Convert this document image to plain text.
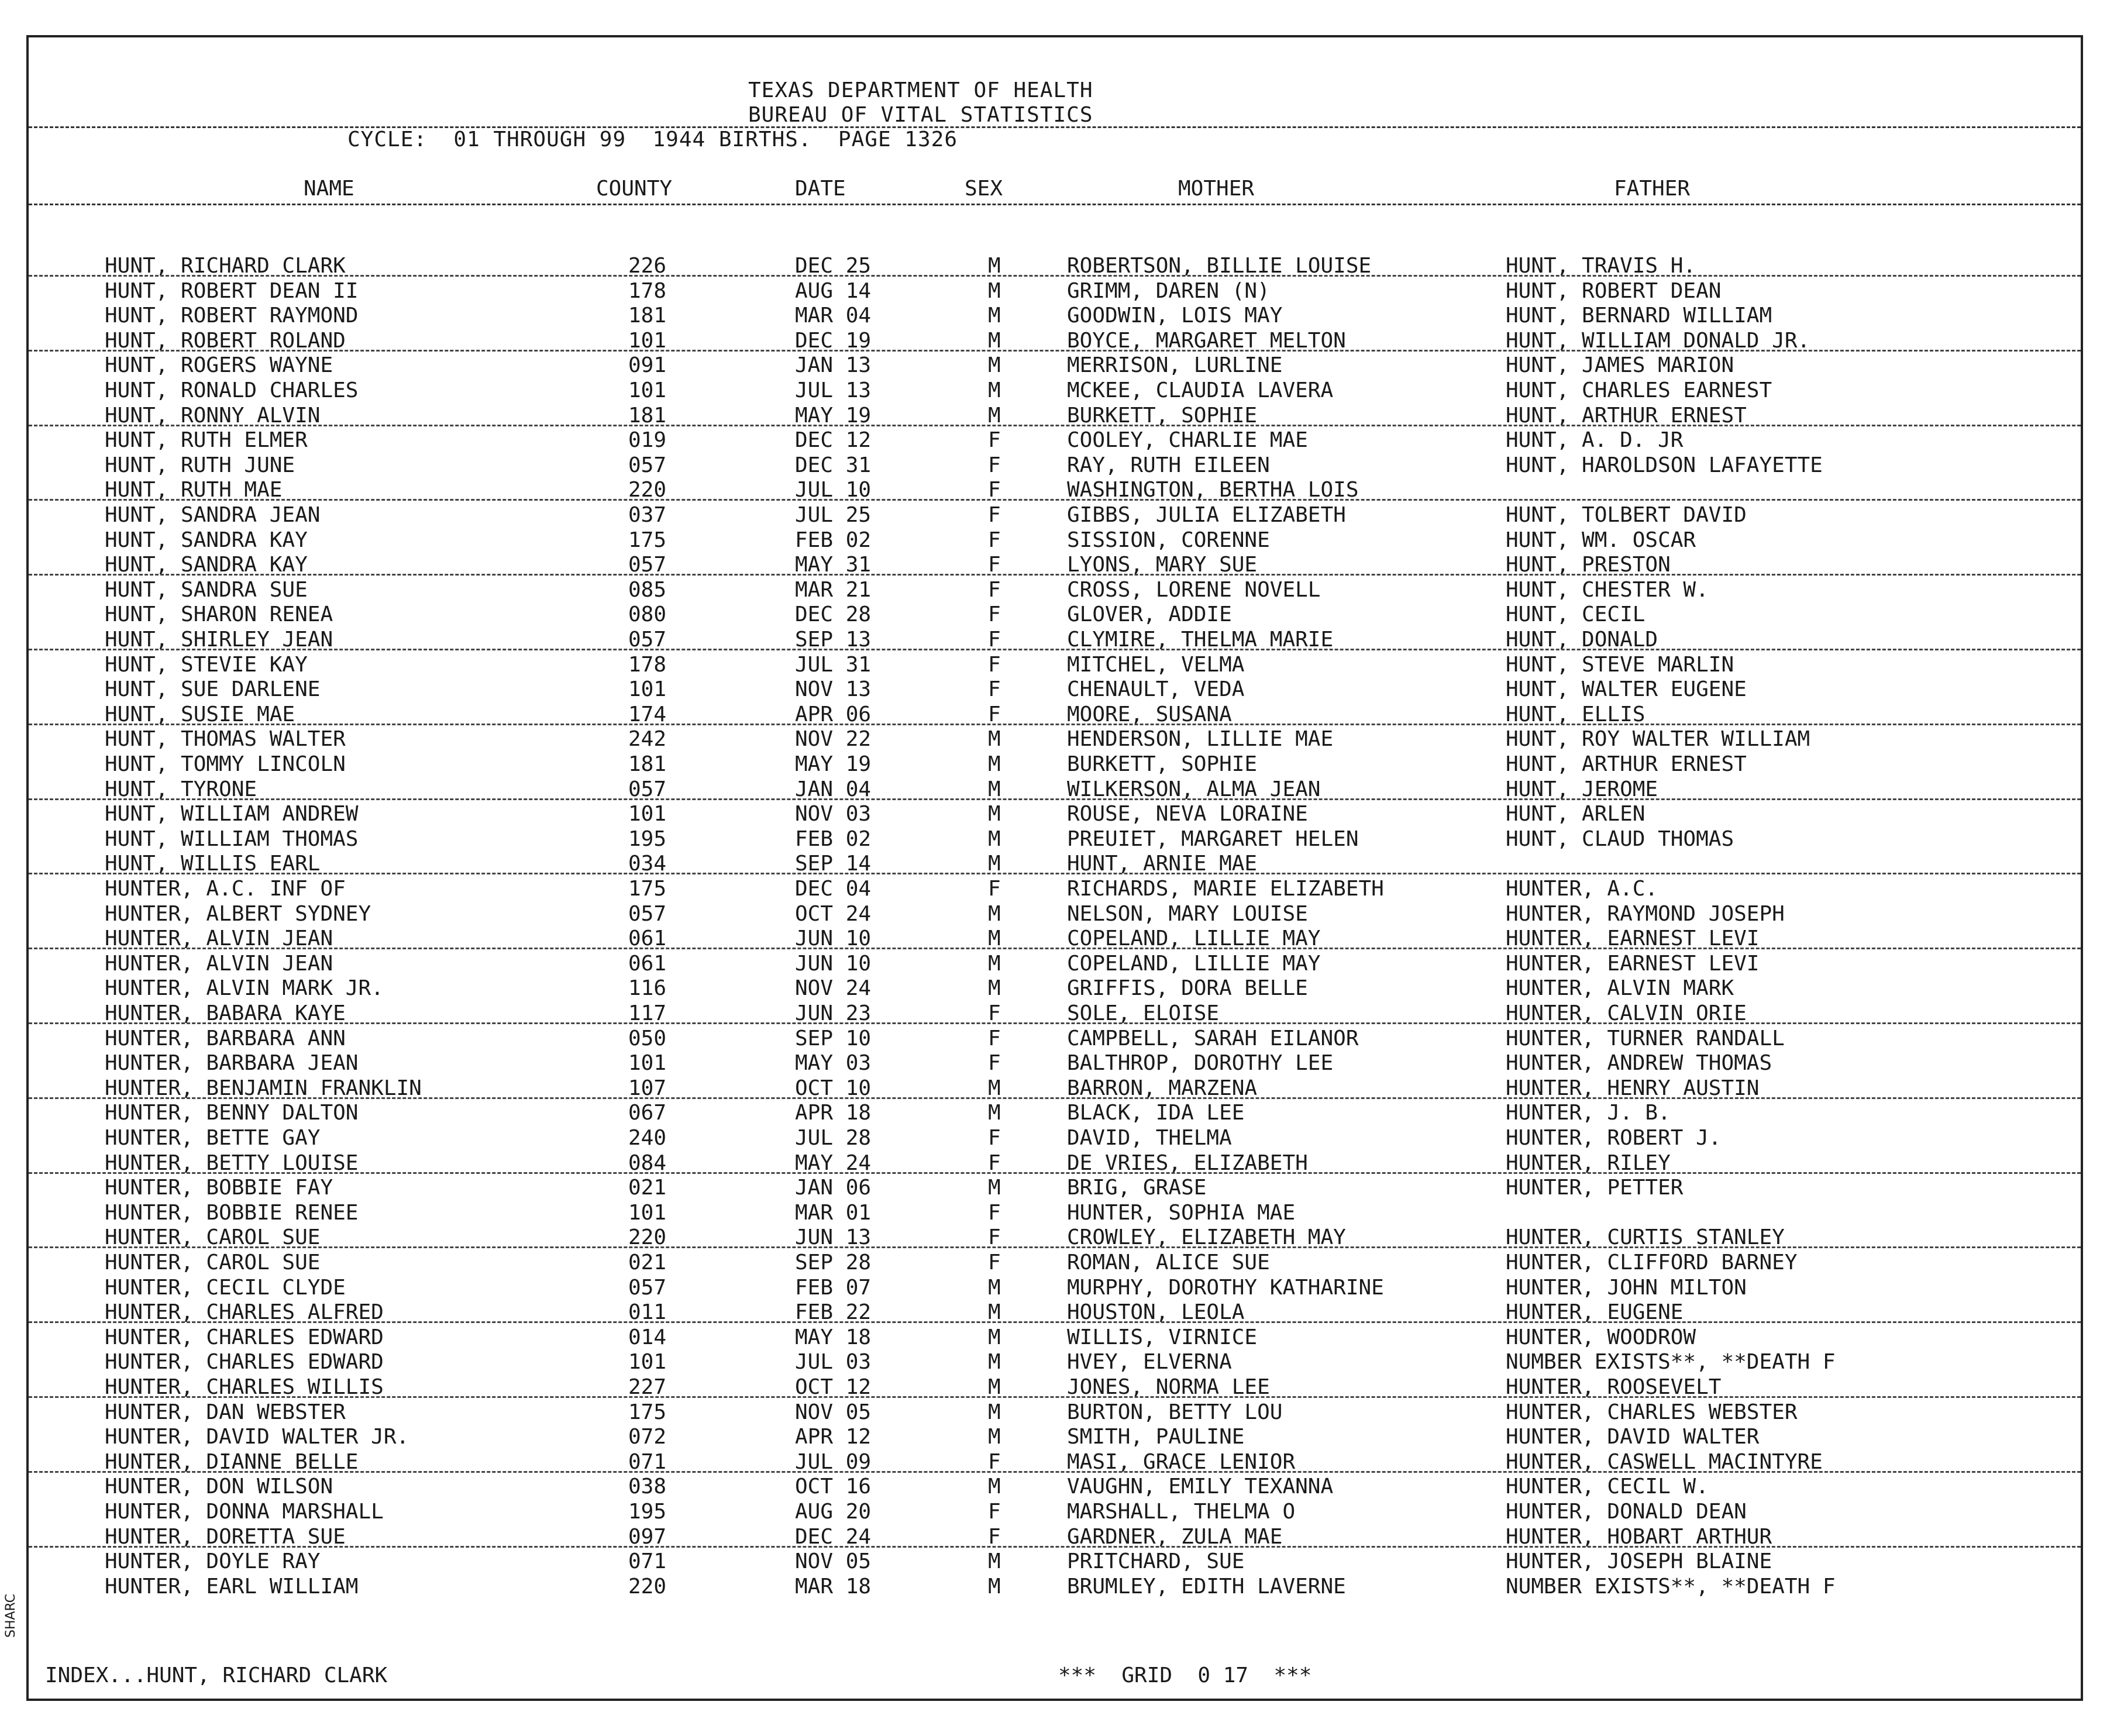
TEXAS DEPARTMENT OF HEALTH
BUREAU OF VITAL STATISTICS
CYCLE:  01 THROUGH 99  1944 BIRTHS.  PAGE 1326
NAME	COUNTY	DATE	SEX	MOTHER	FATHER
HUNT, RICHARD CLARK	226	DEC 25	M	ROBERTSON, BILLIE LOUISE	HUNT, TRAVIS H.
HUNT, ROBERT DEAN II	178	AUG 14	M	GRIMM, DAREN (N)	HUNT, ROBERT DEAN
HUNT, ROBERT RAYMOND	181	MAR 04	M	GOODWIN, LOIS MAY	HUNT, BERNARD WILLIAM
HUNT, ROBERT ROLAND	101	DEC 19	M	BOYCE, MARGARET MELTON	HUNT, WILLIAM DONALD JR.
HUNT, ROGERS WAYNE	091	JAN 13	M	MERRISON, LURLINE	HUNT, JAMES MARION
HUNT, RONALD CHARLES	101	JUL 13	M	MCKEE, CLAUDIA LAVERA	HUNT, CHARLES EARNEST
HUNT, RONNY ALVIN	181	MAY 19	M	BURKETT, SOPHIE	HUNT, ARTHUR ERNEST
HUNT, RUTH ELMER	019	DEC 12	F	COOLEY, CHARLIE MAE	HUNT, A. D. JR
HUNT, RUTH JUNE	057	DEC 31	F	RAY, RUTH EILEEN	HUNT, HAROLDSON LAFAYETTE
HUNT, RUTH MAE	220	JUL 10	F	WASHINGTON, BERTHA LOIS
HUNT, SANDRA JEAN	037	JUL 25	F	GIBBS, JULIA ELIZABETH	HUNT, TOLBERT DAVID
HUNT, SANDRA KAY	175	FEB 02	F	SISSION, CORENNE	HUNT, WM. OSCAR
HUNT, SANDRA KAY	057	MAY 31	F	LYONS, MARY SUE	HUNT, PRESTON
HUNT, SANDRA SUE	085	MAR 21	F	CROSS, LORENE NOVELL	HUNT, CHESTER W.
HUNT, SHARON RENEA	080	DEC 28	F	GLOVER, ADDIE	HUNT, CECIL
HUNT, SHIRLEY JEAN	057	SEP 13	F	CLYMIRE, THELMA MARIE	HUNT, DONALD
HUNT, STEVIE KAY	178	JUL 31	F	MITCHEL, VELMA	HUNT, STEVE MARLIN
HUNT, SUE DARLENE	101	NOV 13	F	CHENAULT, VEDA	HUNT, WALTER EUGENE
HUNT, SUSIE MAE	174	APR 06	F	MOORE, SUSANA	HUNT, ELLIS
HUNT, THOMAS WALTER	242	NOV 22	M	HENDERSON, LILLIE MAE	HUNT, ROY WALTER WILLIAM
HUNT, TOMMY LINCOLN	181	MAY 19	M	BURKETT, SOPHIE	HUNT, ARTHUR ERNEST
HUNT, TYRONE	057	JAN 04	M	WILKERSON, ALMA JEAN	HUNT, JEROME
HUNT, WILLIAM ANDREW	101	NOV 03	M	ROUSE, NEVA LORAINE	HUNT, ARLEN
HUNT, WILLIAM THOMAS	195	FEB 02	M	PREUIET, MARGARET HELEN	HUNT, CLAUD THOMAS
HUNT, WILLIS EARL	034	SEP 14	M	HUNT, ARNIE MAE
HUNTER, A.C. INF OF	175	DEC 04	F	RICHARDS, MARIE ELIZABETH	HUNTER, A.C.
HUNTER, ALBERT SYDNEY	057	OCT 24	M	NELSON, MARY LOUISE	HUNTER, RAYMOND JOSEPH
HUNTER, ALVIN JEAN	061	JUN 10	M	COPELAND, LILLIE MAY	HUNTER, EARNEST LEVI
HUNTER, ALVIN JEAN	061	JUN 10	M	COPELAND, LILLIE MAY	HUNTER, EARNEST LEVI
HUNTER, ALVIN MARK JR.	116	NOV 24	M	GRIFFIS, DORA BELLE	HUNTER, ALVIN MARK
HUNTER, BABARA KAYE	117	JUN 23	F	SOLE, ELOISE	HUNTER, CALVIN ORIE
HUNTER, BARBARA ANN	050	SEP 10	F	CAMPBELL, SARAH EILANOR	HUNTER, TURNER RANDALL
HUNTER, BARBARA JEAN	101	MAY 03	F	BALTHROP, DOROTHY LEE	HUNTER, ANDREW THOMAS
HUNTER, BENJAMIN FRANKLIN	107	OCT 10	M	BARRON, MARZENA	HUNTER, HENRY AUSTIN
HUNTER, BENNY DALTON	067	APR 18	M	BLACK, IDA LEE	HUNTER, J. B.
HUNTER, BETTE GAY	240	JUL 28	F	DAVID, THELMA	HUNTER, ROBERT J.
HUNTER, BETTY LOUISE	084	MAY 24	F	DE VRIES, ELIZABETH	HUNTER, RILEY
HUNTER, BOBBIE FAY	021	JAN 06	M	BRIG, GRASE	HUNTER, PETTER
HUNTER, BOBBIE RENEE	101	MAR 01	F	HUNTER, SOPHIA MAE
HUNTER, CAROL SUE	220	JUN 13	F	CROWLEY, ELIZABETH MAY	HUNTER, CURTIS STANLEY
HUNTER, CAROL SUE	021	SEP 28	F	ROMAN, ALICE SUE	HUNTER, CLIFFORD BARNEY
HUNTER, CECIL CLYDE	057	FEB 07	M	MURPHY, DOROTHY KATHARINE	HUNTER, JOHN MILTON
HUNTER, CHARLES ALFRED	011	FEB 22	M	HOUSTON, LEOLA	HUNTER, EUGENE
HUNTER, CHARLES EDWARD	014	MAY 18	M	WILLIS, VIRNICE	HUNTER, WOODROW
HUNTER, CHARLES EDWARD	101	JUL 03	M	HVEY, ELVERNA	NUMBER EXISTS**, **DEATH F
HUNTER, CHARLES WILLIS	227	OCT 12	M	JONES, NORMA LEE	HUNTER, ROOSEVELT
HUNTER, DAN WEBSTER	175	NOV 05	M	BURTON, BETTY LOU	HUNTER, CHARLES WEBSTER
HUNTER, DAVID WALTER JR.	072	APR 12	M	SMITH, PAULINE	HUNTER, DAVID WALTER
HUNTER, DIANNE BELLE	071	JUL 09	F	MASI, GRACE LENIOR	HUNTER, CASWELL MACINTYRE
HUNTER, DON WILSON	038	OCT 16	M	VAUGHN, EMILY TEXANNA	HUNTER, CECIL W.
HUNTER, DONNA MARSHALL	195	AUG 20	F	MARSHALL, THELMA O	HUNTER, DONALD DEAN
HUNTER, DORETTA SUE	097	DEC 24	F	GARDNER, ZULA MAE	HUNTER, HOBART ARTHUR
HUNTER, DOYLE RAY	071	NOV 05	M	PRITCHARD, SUE	HUNTER, JOSEPH BLAINE
HUNTER, EARL WILLIAM	220	MAR 18	M	BRUMLEY, EDITH LAVERNE	NUMBER EXISTS**, **DEATH F
INDEX...HUNT, RICHARD CLARK	***  GRID  0 17  ***
SHARC
